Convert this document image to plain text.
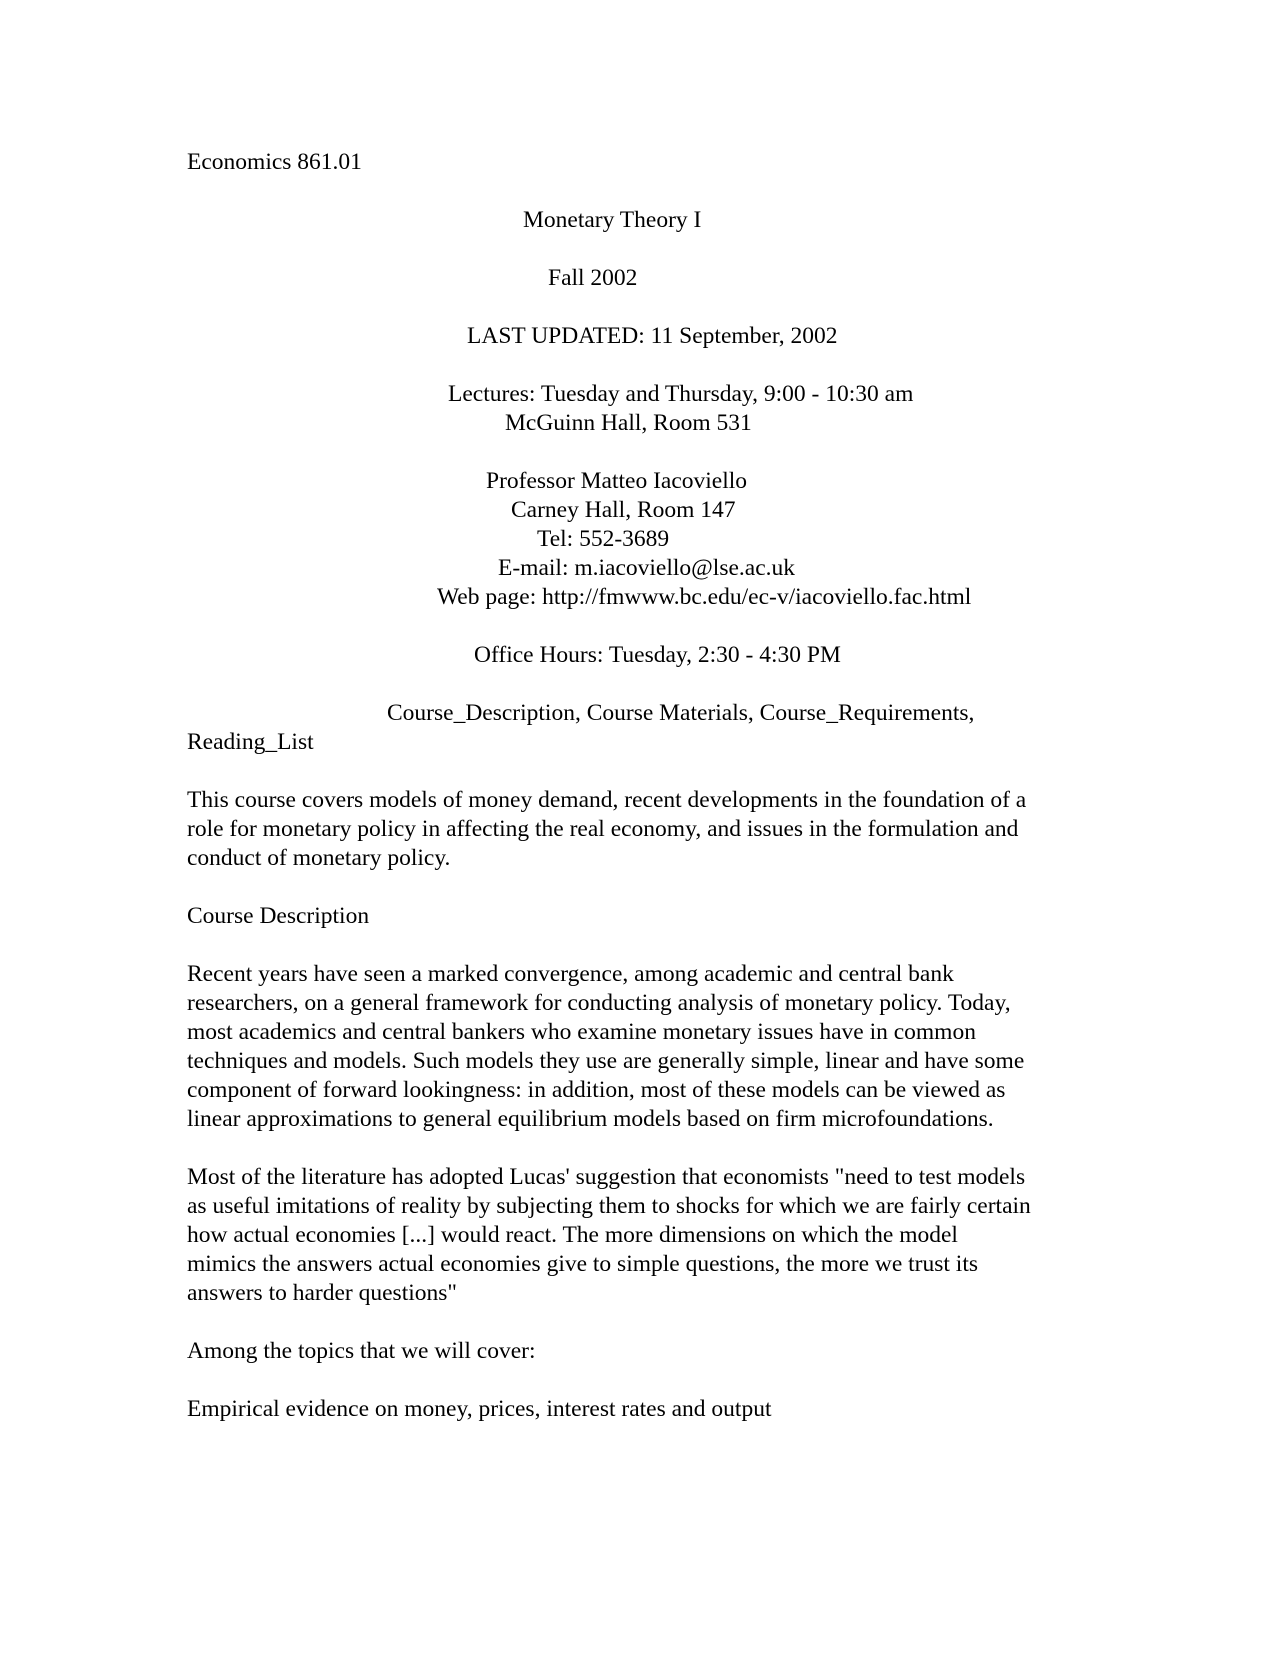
Economics 861.01
Monetary Theory I
Fall 2002
LAST UPDATED: 11 September, 2002
Lectures: Tuesday and Thursday, 9:00 - 10:30 am
McGuinn Hall, Room 531
Professor Matteo Iacoviello
Carney Hall, Room 147
Tel: 552-3689
E-mail: m.iacoviello@lse.ac.uk
Web page: http://fmwww.bc.edu/ec-v/iacoviello.fac.html
Office Hours: Tuesday, 2:30 - 4:30 PM
Course_Description, Course Materials, Course_Requirements,
Reading_List
This course covers models of money demand, recent developments in the foundation of a
role for monetary policy in affecting the real economy, and issues in the formulation and
conduct of monetary policy.
Course Description
Recent years have seen a marked convergence, among academic and central bank
researchers, on a general framework for conducting analysis of monetary policy. Today,
most academics and central bankers who examine monetary issues have in common
techniques and models. Such models they use are generally simple, linear and have some
component of forward lookingness: in addition, most of these models can be viewed as
linear approximations to general equilibrium models based on firm microfoundations.
Most of the literature has adopted Lucas' suggestion that economists "need to test models
as useful imitations of reality by subjecting them to shocks for which we are fairly certain
how actual economies [...] would react. The more dimensions on which the model
mimics the answers actual economies give to simple questions, the more we trust its
answers to harder questions"
Among the topics that we will cover:
Empirical evidence on money, prices, interest rates and output
